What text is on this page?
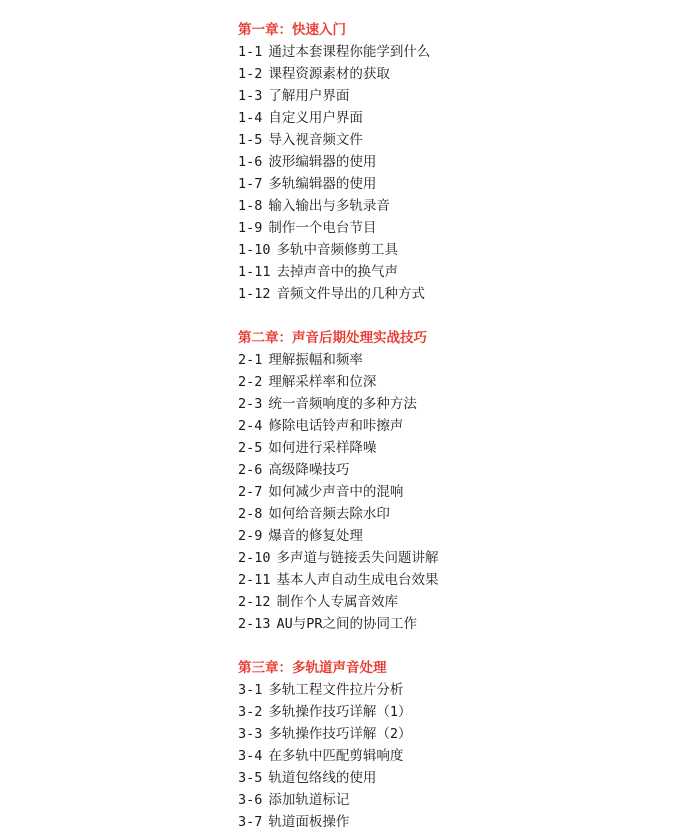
第一章：快速入门
1-1 通过本套课程你能学到什么
1-2 课程资源素材的获取
1-3 了解用户界面
1-4 自定义用户界面
1-5 导入视音频文件
1-6 波形编辑器的使用
1-7 多轨编辑器的使用
1-8 输入输出与多轨录音
1-9 制作一个电台节目
1-10 多轨中音频修剪工具
1-11 去掉声音中的换气声
1-12 音频文件导出的几种方式
第二章：声音后期处理实战技巧
2-1 理解振幅和频率
2-2 理解采样率和位深
2-3 统一音频响度的多种方法
2-4 修除电话铃声和咔擦声
2-5 如何进行采样降噪
2-6 高级降噪技巧
2-7 如何减少声音中的混响
2-8 如何给音频去除水印
2-9 爆音的修复处理
2-10 多声道与链接丢失问题讲解
2-11 基本人声自动生成电台效果
2-12 制作个人专属音效库
2-13 AU与PR之间的协同工作
第三章：多轨道声音处理
3-1 多轨工程文件拉片分析
3-2 多轨操作技巧详解（1）
3-3 多轨操作技巧详解（2）
3-4 在多轨中匹配剪辑响度
3-5 轨道包络线的使用
3-6 添加轨道标记
3-7 轨道面板操作
